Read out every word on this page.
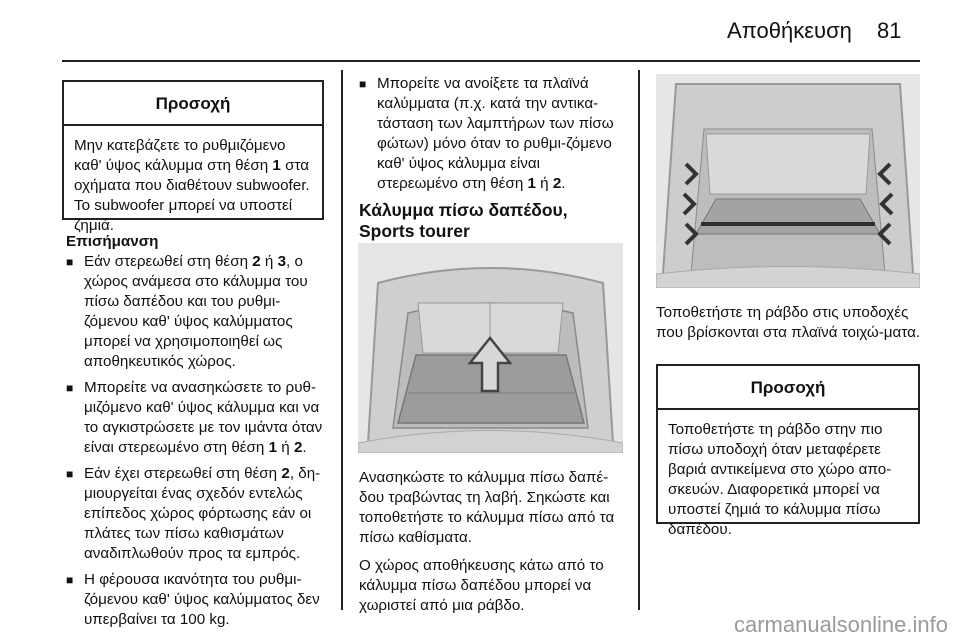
Αποθήκευση 81
Προσοχή
Μην κατεβάζετε το ρυθμιζόμενο καθ' ύψος κάλυμμα στη θέση 1 στα οχήματα που διαθέτουν subwoofer. Το subwoofer μπορεί να υποστεί ζημιά.
Επισήμανση
■ Εάν στερεωθεί στη θέση 2 ή 3, ο χώρος ανάμεσα στο κάλυμμα του πίσω δαπέδου και του ρυθμι-ζόμενου καθ' ύψος καλύμματος μπορεί να χρησιμοποιηθεί ως αποθηκευτικός χώρος.
■ Μπορείτε να ανασηκώσετε το ρυθ-μιζόμενο καθ' ύψος κάλυμμα και να το αγκιστρώσετε με τον ιμάντα όταν είναι στερεωμένο στη θέση 1 ή 2.
■ Εάν έχει στερεωθεί στη θέση 2, δη-μιουργείται ένας σχεδόν εντελώς επίπεδος χώρος φόρτωσης εάν οι πλάτες των πίσω καθισμάτων αναδιπλωθούν προς τα εμπρός.
■ Η φέρουσα ικανότητα του ρυθμι-ζόμενου καθ' ύψος καλύμματος δεν υπερβαίνει τα 100 kg.
■ Μπορείτε να ανοίξετε τα πλαϊνά καλύμματα (π.χ. κατά την αντικα-τάσταση των λαμπτήρων των πίσω φώτων) μόνο όταν το ρυθμι-ζόμενο καθ' ύψος κάλυμμα είναι στερεωμένο στη θέση 1 ή 2.
Κάλυμμα πίσω δαπέδου, Sports tourer

Ανασηκώστε το κάλυμμα πίσω δαπέ-δου τραβώντας τη λαβή. Σηκώστε και τοποθετήστε το κάλυμμα πίσω από τα πίσω καθίσματα.

Ο χώρος αποθήκευσης κάτω από το κάλυμμα πίσω δαπέδου μπορεί να χωριστεί από μια ράβδο.

Τοποθετήστε τη ράβδο στις υποδοχές που βρίσκονται στα πλαϊνά τοιχώ-ματα.

Προσοχή
Τοποθετήστε τη ράβδο στην πιο πίσω υποδοχή όταν μεταφέρετε βαριά αντικείμενα στο χώρο απο-σκευών. Διαφορετικά μπορεί να υποστεί ζημιά το κάλυμμα πίσω δαπέδου.
carmanualsonline.info
